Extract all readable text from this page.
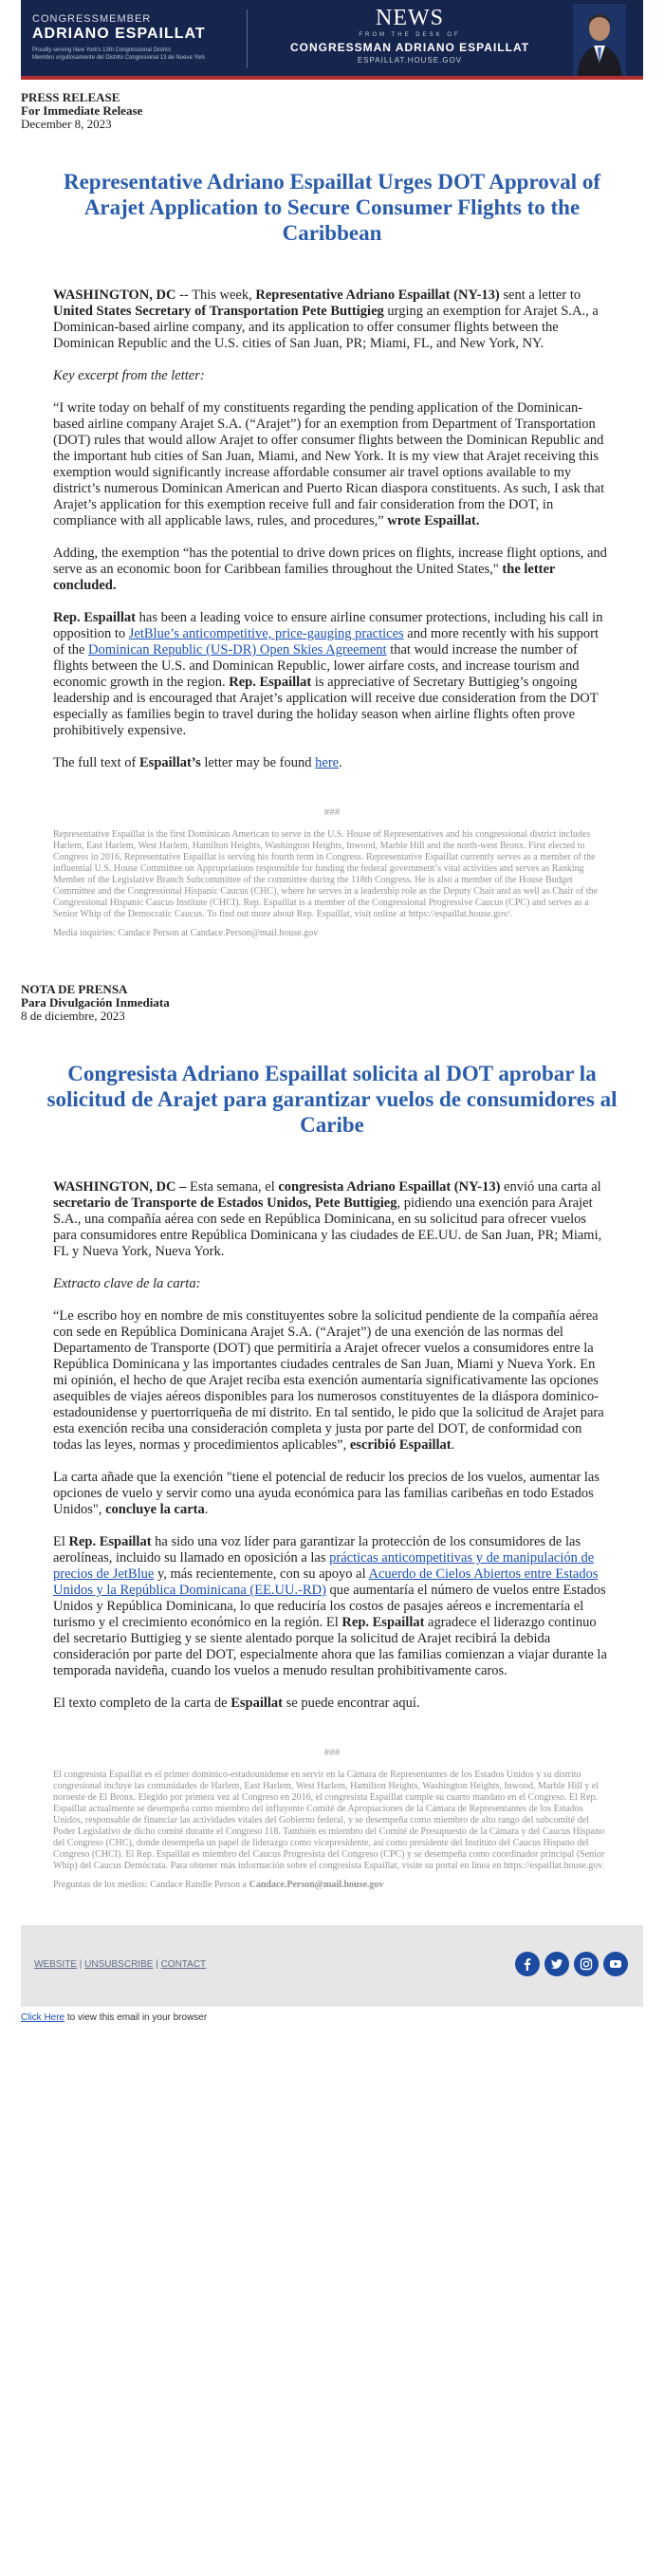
CONGRESSMEMBER
ADRIANO ESPAILLAT
Proudly serving New York's 13th Congressional District
Miembro orgullosamente del Distrito Congresional 13 de Nueva York
NEWS
FROM THE DESK OF
CONGRESSMAN ADRIANO ESPAILLAT
ESPAILLAT.HOUSE.GOV
PRESS RELEASE
For Immediate Release
December 8, 2023
Representative Adriano Espaillat Urges DOT Approval of Arajet Application to Secure Consumer Flights to the Caribbean

WASHINGTON, DC -- This week, Representative Adriano Espaillat (NY-13) sent a letter to United States Secretary of Transportation Pete Buttigieg urging an exemption for Arajet S.A., a Dominican-based airline company, and its application to offer consumer flights between the Dominican Republic and the U.S. cities of San Juan, PR; Miami, FL, and New York, NY.

Key excerpt from the letter:

“I write today on behalf of my constituents regarding the pending application of the Dominican-based airline company Arajet S.A. (“Arajet”) for an exemption from Department of Transportation (DOT) rules that would allow Arajet to offer consumer flights between the Dominican Republic and the important hub cities of San Juan, Miami, and New York. It is my view that Arajet receiving this exemption would significantly increase affordable consumer air travel options available to my district’s numerous Dominican American and Puerto Rican diaspora constituents. As such, I ask that Arajet’s application for this exemption receive full and fair consideration from the DOT, in compliance with all applicable laws, rules, and procedures,” wrote Espaillat.

Adding, the exemption “has the potential to drive down prices on flights, increase flight options, and serve as an economic boon for Caribbean families throughout the United States," the letter concluded.

Rep. Espaillat has been a leading voice to ensure airline consumer protections, including his call in opposition to JetBlue’s anticompetitive, price-gauging practices and more recently with his support of the Dominican Republic (US-DR) Open Skies Agreement that would increase the number of flights between the U.S. and Dominican Republic, lower airfare costs, and increase tourism and economic growth in the region. Rep. Espaillat is appreciative of Secretary Buttigieg’s ongoing leadership and is encouraged that Arajet’s application will receive due consideration from the DOT especially as families begin to travel during the holiday season when airline flights often prove prohibitively expensive.

The full text of Espaillat’s letter may be found here.

###

Representative Espaillat is the first Dominican American to serve in the U.S. House of Representatives and his congressional district includes Harlem, East Harlem, West Harlem, Hamilton Heights, Washington Heights, Inwood, Marble Hill and the north-west Bronx. First elected to Congress in 2016, Representative Espaillat is serving his fourth term in Congress. Representative Espaillat currently serves as a member of the influential U.S. House Committee on Appropriations responsible for funding the federal government’s vital activities and serves as Ranking Member of the Legislative Branch Subcommittee of the committee during the 118th Congress. He is also a member of the House Budget Committee and the Congressional Hispanic Caucus (CHC), where he serves in a leadership role as the Deputy Chair and as well as Chair of the Congressional Hispanic Caucus Institute (CHCI). Rep. Espaillat is a member of the Congressional Progressive Caucus (CPC) and serves as a Senior Whip of the Democratic Caucus. To find out more about Rep. Espaillat, visit online at https://espaillat.house.gov/.

Media inquiries: Candace Person at Candace.Person@mail.house.gov

NOTA DE PRENSA
Para Divulgación Inmediata
8 de diciembre, 2023
Congresista Adriano Espaillat solicita al DOT aprobar la solicitud de Arajet para garantizar vuelos de consumidores al Caribe

WASHINGTON, DC – Esta semana, el congresista Adriano Espaillat (NY-13) envió una carta al secretario de Transporte de Estados Unidos, Pete Buttigieg, pidiendo una exención para Arajet S.A., una compañía aérea con sede en República Dominicana, en su solicitud para ofrecer vuelos para consumidores entre República Dominicana y las ciudades de EE.UU. de San Juan, PR; Miami, FL y Nueva York, Nueva York.

Extracto clave de la carta:

“Le escribo hoy en nombre de mis constituyentes sobre la solicitud pendiente de la compañía aérea con sede en República Dominicana Arajet S.A. (“Arajet”) de una exención de las normas del Departamento de Transporte (DOT) que permitiría a Arajet ofrecer vuelos a consumidores entre la República Dominicana y las importantes ciudades centrales de San Juan, Miami y Nueva York. En mi opinión, el hecho de que Arajet reciba esta exención aumentaría significativamente las opciones asequibles de viajes aéreos disponibles para los numerosos constituyentes de la diáspora dominico-estadounidense y puertorriqueña de mi distrito. En tal sentido, le pido que la solicitud de Arajet para esta exención reciba una consideración completa y justa por parte del DOT, de conformidad con todas las leyes, normas y procedimientos aplicables”, escribió Espaillat.

La carta añade que la exención "tiene el potencial de reducir los precios de los vuelos, aumentar las opciones de vuelo y servir como una ayuda económica para las familias caribeñas en todo Estados Unidos", concluye la carta.

El Rep. Espaillat ha sido una voz líder para garantizar la protección de los consumidores de las aerolíneas, incluido su llamado en oposición a las prácticas anticompetitivas y de manipulación de precios de JetBlue y, más recientemente, con su apoyo al Acuerdo de Cielos Abiertos entre Estados Unidos y la República Dominicana (EE.UU.-RD) que aumentaría el número de vuelos entre Estados Unidos y República Dominicana, lo que reduciría los costos de pasajes aéreos e incrementaría el turismo y el crecimiento económico en la región. El Rep. Espaillat agradece el liderazgo continuo del secretario Buttigieg y se siente alentado porque la solicitud de Arajet recibirá la debida consideración por parte del DOT, especialmente ahora que las familias comienzan a viajar durante la temporada navideña, cuando los vuelos a menudo resultan prohibitivamente caros.

El texto completo de la carta de Espaillat se puede encontrar aquí.

###

El congresista Espaillat es el primer dominico-estadounidense en servir en la Cámara de Representantes de los Estados Unidos y su distrito congresional incluye las comunidades de Harlem, East Harlem, West Harlem, Hamilton Heights, Washington Heights, Inwood, Marble Hill y el noroeste de El Bronx. Elegido por primera vez al Congreso en 2016, el congresista Espaillat cumple su cuarto mandato en el Congreso. El Rep. Espaillat actualmente se desempeña como miembro del influyente Comité de Apropiaciones de la Cámara de Representantes de los Estados Unidos, responsable de financiar las actividades vitales del Gobierno federal, y se desempeña como miembro de alto rango del subcomité del Poder Legislativo de dicho comité durante el Congreso 118. También es miembro del Comité de Presupuesto de la Cámara y del Caucus Hispano del Congreso (CHC), donde desempeña un papel de liderazgo como vicepresidente, así como presidente del Instituto del Caucus Hispano del Congreso (CHCI). El Rep. Espaillat es miembro del Caucus Progresista del Congreso (CPC) y se desempeña como coordinador principal (Senior Whip) del Caucus Demócrata. Para obtener más información sobre el congresista Espaillat, visite su portal en línea en https://espaillat.house.gov.

Preguntas de los medios: Candace Randle Person a Candace.Person@mail.house.gov

WEBSITE | UNSUBSCRIBE | CONTACT
Click Here to view this email in your browser
